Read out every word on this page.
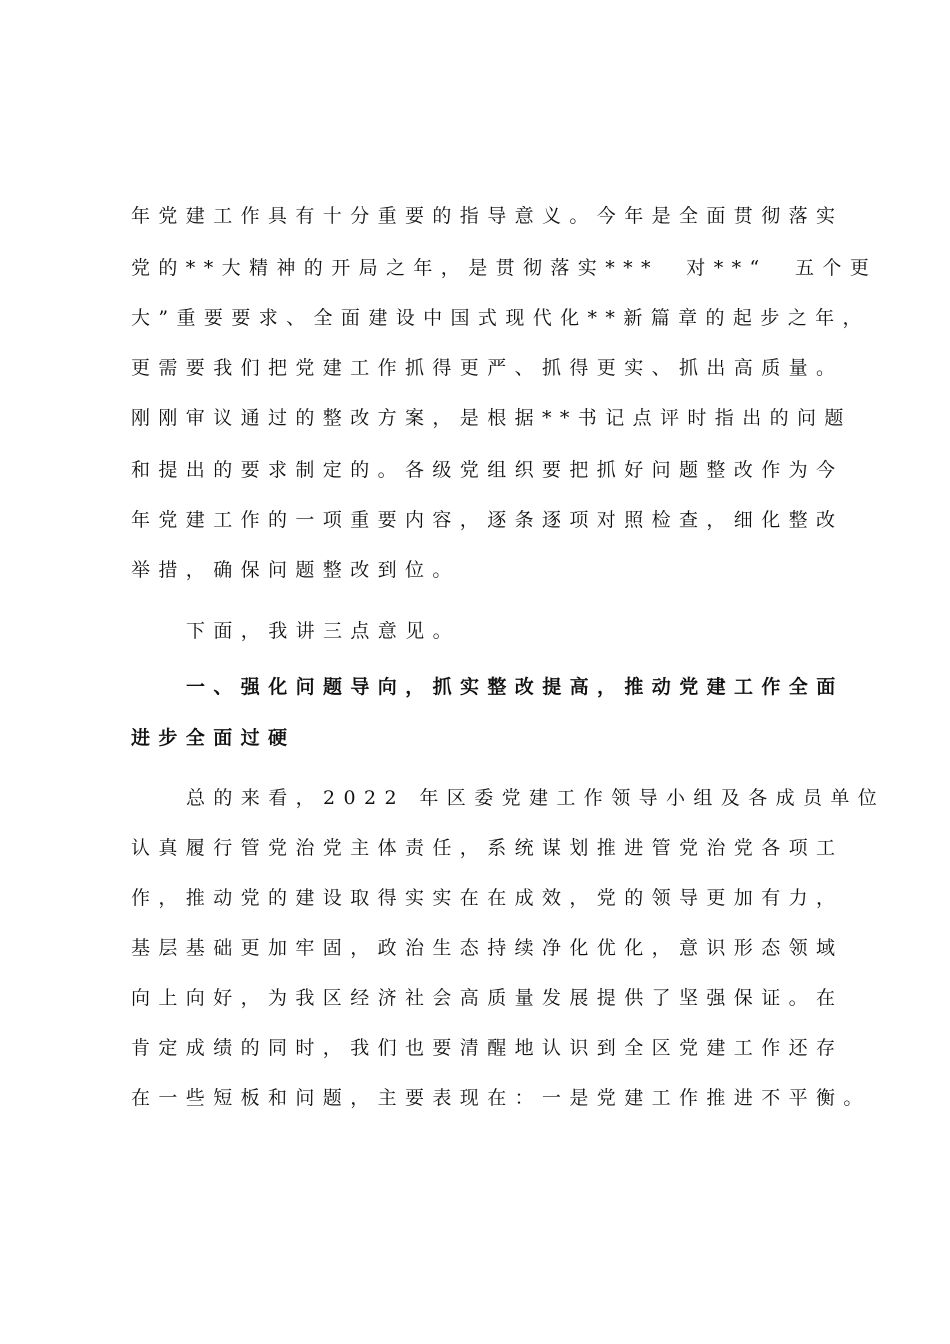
年党建工作具有十分重要的指导意义。今年是全面贯彻落实
党的**大精神的开局之年，是贯彻落实***　对**“　五个更
大”重要要求、全面建设中国式现代化**新篇章的起步之年，
更需要我们把党建工作抓得更严、抓得更实、抓出高质量。
刚刚审议通过的整改方案，是根据**书记点评时指出的问题
和提出的要求制定的。各级党组织要把抓好问题整改作为今
年党建工作的一项重要内容，逐条逐项对照检查，细化整改
举措，确保问题整改到位。
下面，我讲三点意见。
一、强化问题导向，抓实整改提高，推动党建工作全面
进步全面过硬
总的来看，2022 年区委党建工作领导小组及各成员单位
认真履行管党治党主体责任，系统谋划推进管党治党各项工
作，推动党的建设取得实实在在成效，党的领导更加有力，
基层基础更加牢固，政治生态持续净化优化，意识形态领域
向上向好，为我区经济社会高质量发展提供了坚强保证。在
肯定成绩的同时，我们也要清醒地认识到全区党建工作还存
在一些短板和问题，主要表现在：一是党建工作推进不平衡。
